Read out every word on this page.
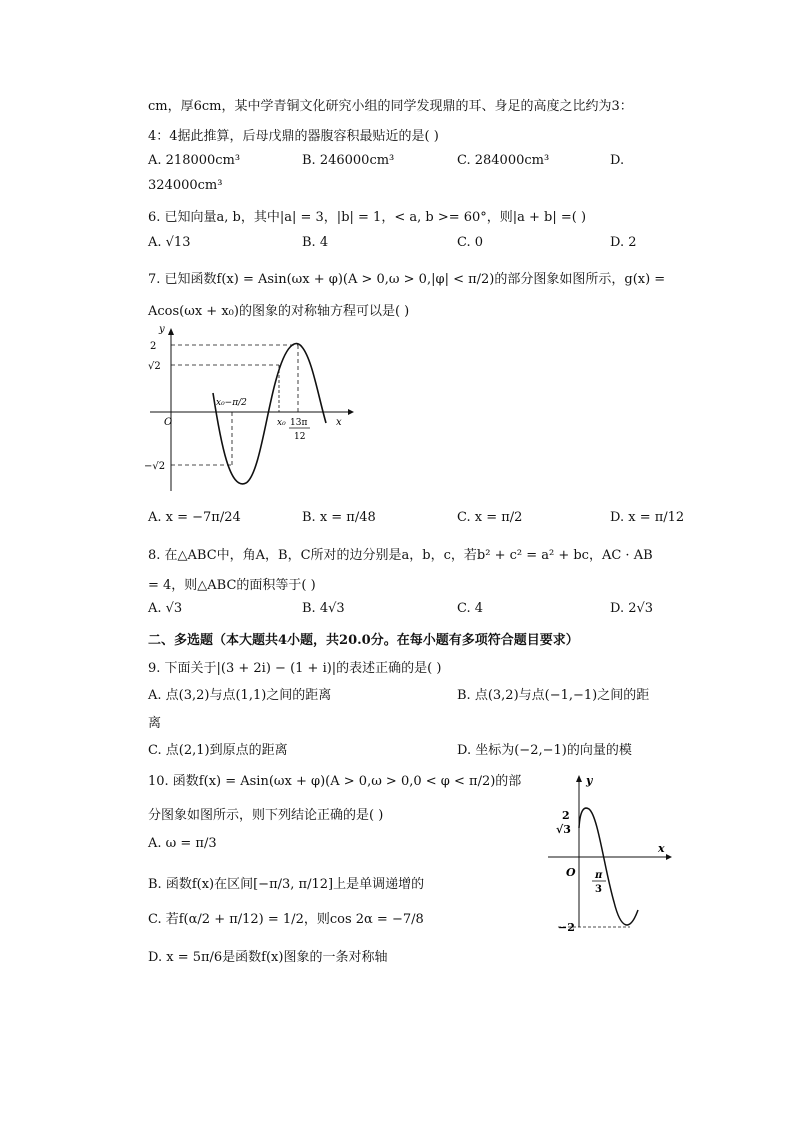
cm，厚6cm，某中学青铜文化研究小组的同学发现鼎的耳、身足的高度之比约为3：
4：4据此推算，后母戊鼎的器腹容积最贴近的是( )
A. 218000cm³	B. 246000cm³	C. 284000cm³	D.
324000cm³
6. 已知向量a, b，其中|a| = 3，|b| = 1，< a, b >= 60°，则|a + b| =( )
A. √13	B. 4	C. 0	D. 2
7. 已知函数f(x) = Asin(ωx + φ)(A > 0,ω > 0,|φ| < π/2)的部分图象如图所示，g(x) =
Acos(ωx + x₀)的图象的对称轴方程可以是( )
y
x
O
2
√2
−√2
x₀−π/2
x₀ 13π
12
A. x = −7π/24	B. x = π/48	C. x = π/2	D. x = π/12
8. 在△ABC中，角A，B，C所对的边分别是a，b，c，若b² + c² = a² + bc，AC · AB
= 4，则△ABC的面积等于( )
A. √3	B. 4√3	C. 4	D. 2√3
二、多选题（本大题共4小题，共20.0分。在每小题有多项符合题目要求）
9. 下面关于|(3 + 2i) − (1 + i)|的表述正确的是( )
A. 点(3,2)与点(1,1)之间的距离	B. 点(3,2)与点(−1,−1)之间的距
离
C. 点(2,1)到原点的距离	D. 坐标为(−2,−1)的向量的模
10. 函数f(x) = Asin(ωx + φ)(A > 0,ω > 0,0 < φ < π/2)的部
分图象如图所示，则下列结论正确的是( )
A. ω = π/3
B. 函数f(x)在区间[−π/3, π/12]上是单调递增的
C. 若f(α/2 + π/12) = 1/2，则cos 2α = −7/8
D. x = 5π/6是函数f(x)图象的一条对称轴
y
x
O
2
√3
−2
π
3
